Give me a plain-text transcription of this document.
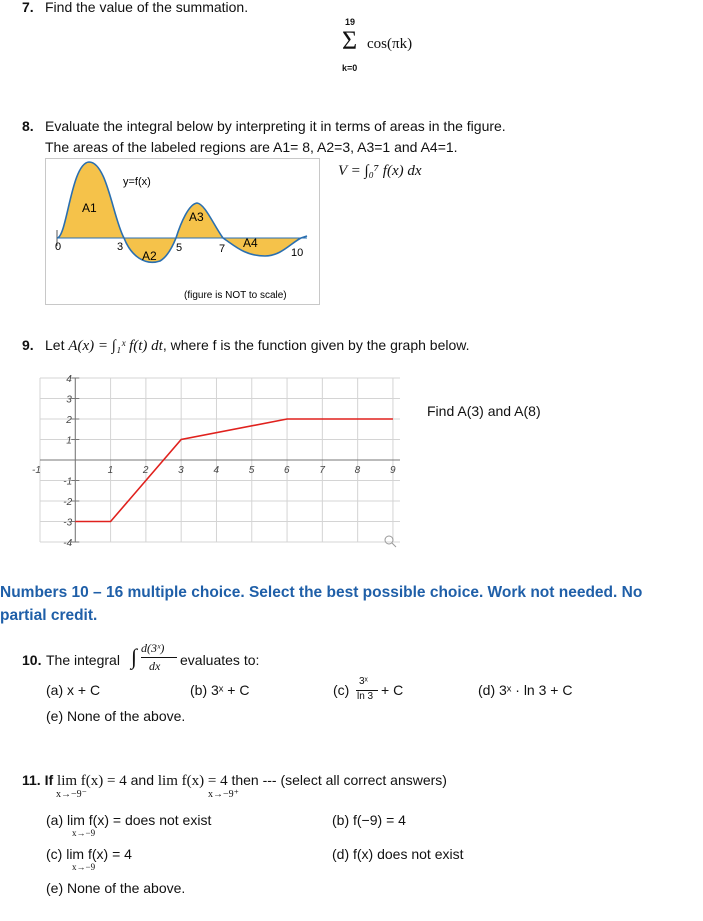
7. Find the value of the summation.
19
Σ cos(πk)
k=0
8. Evaluate the integral below by interpreting it in terms of areas in the figure.
The areas of the labeled regions are A1= 8, A2=3, A3=1 and A4=1.
V = ∫₀⁷ f(x) dx
y=f(x)
A1
A2
A3
A4
0	3	5	7	10
(figure is NOT to scale)
9. Let A(x) = ∫₁ˣ f(t) dt, where f is the function given by the graph below.
Find A(3) and A(8)
-1	1	2	3	4	5	6	7	8	9
4
3
2
1
-1
-2
-3
-4
Numbers 10 – 16 multiple choice. Select the best possible choice. Work not needed. No
partial credit.
10. The integral ∫ d(3ˣ)
dx evaluates to:
(a) x + C	(b) 3ˣ + C	(c)
3ˣ
ln 3 + C	(d) 3ˣ · ln 3 + C
(e) None of the above.
11. If lim f(x) = 4 and lim f(x) = 4 then --- (select all correct answers)
x→−9⁻	x→−9⁺
(a) lim f(x) = does not exist
x→−9
(b) f(−9) = 4
(c) lim f(x) = 4
x→−9
(d) f(x) does not exist
(e) None of the above.
